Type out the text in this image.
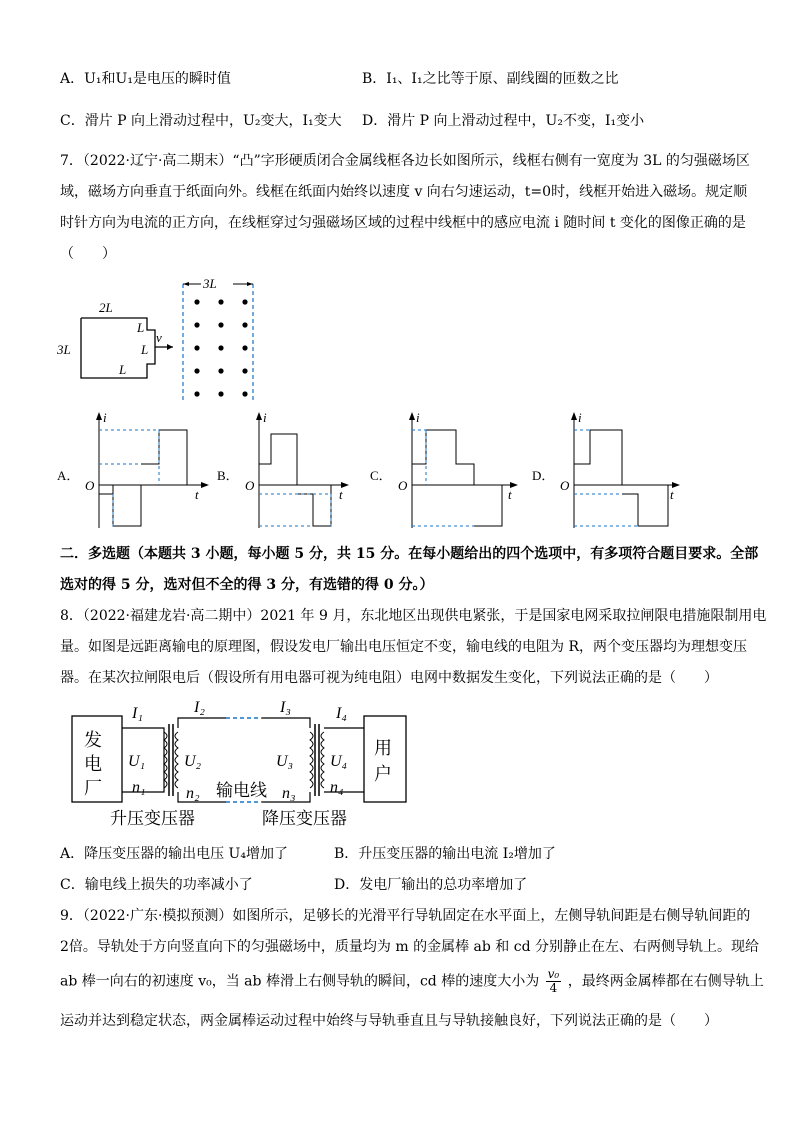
A．U₁和U₁是电压的瞬时值	B．I₁、I₁之比等于原、副线圈的匝数之比
C．滑片 P 向上滑动过程中，U₂变大，I₁变大 D．滑片 P 向上滑动过程中，U₂不变，I₁变小
7．（2022·辽宁·高二期末）“凸”字形硬质闭合金属线框各边长如图所示，线框右侧有一宽度为 3L 的匀强磁场区
域，磁场方向垂直于纸面向外。线框在纸面内始终以速度 v 向右匀速运动，t=0时，线框开始进入磁场。规定顺
时针方向为电流的正方向，在线框穿过匀强磁场区域的过程中线框中的感应电流 i 随时间 t 变化的图像正确的是
（　　）
3L
2L
3L
L
L
L
v
A．
i
t
O
B．
i
t
O
C．
i
t
O
D．
i
t
O
二．多选题（本题共 3 小题，每小题 5 分，共 15 分。在每小题给出的四个选项中，有多项符合题目要求。全部
选对的得 5 分，选对但不全的得 3 分，有选错的得 0 分。）
8．（2022·福建龙岩·高二期中）2021 年 9 月，东北地区出现供电紧张，于是国家电网采取拉闸限电措施限制用电
量。如图是远距离输电的原理图，假设发电厂输出电压恒定不变，输电线的电阻为 R，两个变压器均为理想变压
器。在某次拉闸限电后（假设所有用电器可视为纯电阻）电网中数据发生变化，下列说法正确的是（　　）
发
电
厂
用
户
I₁	I₂	I₃	I₄
U₁ U₂	U₃ U₄
n₁	n₂	n₃ n₄
输电线
升压变压器	降压变压器
A．降压变压器的输出电压 U₄增加了	B．升压变压器的输出电流 I₂增加了
C．输电线上损失的功率减小了	D．发电厂输出的总功率增加了
9．（2022·广东·模拟预测）如图所示，足够长的光滑平行导轨固定在水平面上，左侧导轨间距是右侧导轨间距的
2倍。导轨处于方向竖直向下的匀强磁场中，质量均为 m 的金属棒 ab 和 cd 分别静止在左、右两侧导轨上。现给
ab 棒一向右的初速度 v₀，当 ab 棒滑上右侧导轨的瞬间，cd 棒的速度大小为 $\frac{\text{v₀}}{4}$ ，最终两金属棒都在右侧导轨上
运动并达到稳定状态，两金属棒运动过程中始终与导轨垂直且与导轨接触良好，下列说法正确的是（　　）
